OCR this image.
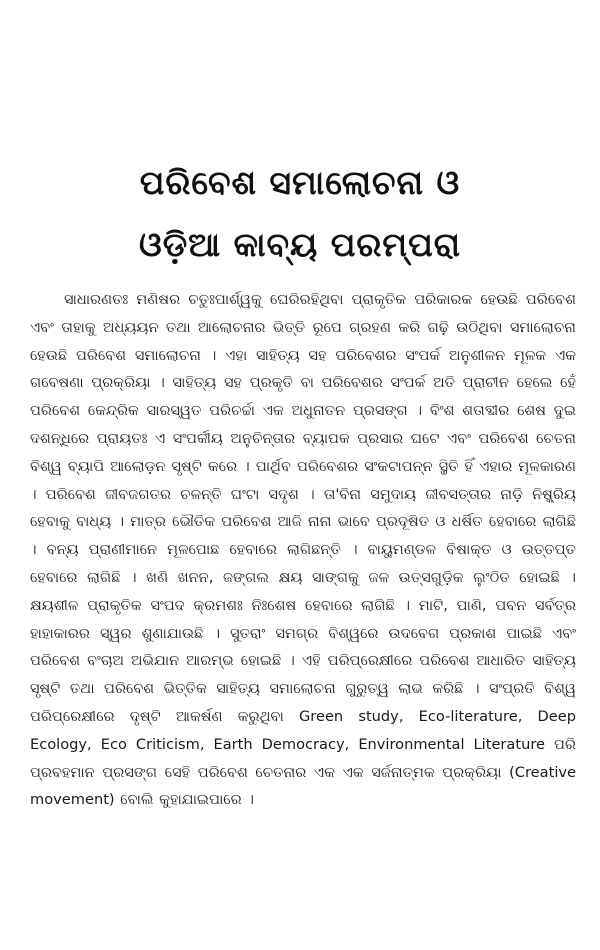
ପରିବେଶ ସମାଲୋଚନା ଓ
ଓଡ଼ିଆ କାବ୍ୟ ପରମ୍ପରା

ସାଧାରଣତଃ ମଣିଷର ଚତୁଃପାର୍ଶ୍ୱକୁ ଘେରିରହିଥିବା ପ୍ରାକୃତିକ ପରିକାରକ ହେଉଛି ପରିବେଶ ଏବଂ ତାହାକୁ ଅଧ୍ୟୟନ ତଥା ଆଲୋଚନାର ଭିତ୍ତି ରୂପେ ଗ୍ରହଣ କରି ଗଢ଼ି ଉଠିଥିବା ସମାଲୋଚନା ହେଉଛି ପରିବେଶ ସମାଲୋଚନା । ଏହା ସାହିତ୍ୟ ସହ ପରିବେଶର ସଂପର୍କ ଅନୁଶୀଳନ ମୂଳକ ଏକ ଗବେଷଣା ପ୍ରକ୍ରିୟା । ସାହିତ୍ୟ ସହ ପ୍ରକୃତି ବା ପରିବେଶର ସଂପର୍କ ଅତି ପ୍ରାଚୀନ ହେଲେ ହେଁ ପରିବେଶ କେନ୍ଦ୍ରିକ ସାରସ୍ୱତ ପରିଚର୍ଚ୍ଚା ଏକ ଅଧୁନାତନ ପ୍ରସଙ୍ଗ । ବିଂଶ ଶତାବ୍ଦୀର ଶେଷ ଦୁଇ ଦଶନ୍ଧିରେ ପ୍ରାୟତଃ ଏ ସଂପର୍କୀୟ ଅନୁଚିନ୍ତାର ବ୍ୟାପକ ପ୍ରସାର ଘଟେ ଏବଂ ପରିବେଶ ଚେତନା ବିଶ୍ୱ ବ୍ୟାପି ଆଲୋଡ଼ନ ସୃଷ୍ଟି କରେ । ପାର୍ଥିବ ପରିବେଶର ସଂକଟାପନ୍ନ ସ୍ଥିତି ହିଁ ଏହାର ମୂଳକାରଣ । ପରିବେଶ ଜୀବଜଗତର ଚଳନ୍ତି ଘଂଟା ସଦୃଶ । ତା'ବିନା ସମୁଦାୟ ଜୀବସତ୍ତାର ନାଡ଼ି ନିଷ୍କ୍ରିୟ ହେବାକୁ ବାଧ୍ୟ । ମାତ୍ର ଭୌତିକ ପରିବେଶ ଆଜି ନାନା ଭାବେ ପ୍ରଦୂଷିତ ଓ ଧର୍ଷିତ ହେବାରେ ଲାଗିଛି । ବନ୍ୟ ପ୍ରାଣୀମାନେ ମୂଳପୋଛ ହେବାରେ ଲାଗିଛନ୍ତି । ବାୟୁମଣ୍ଡଳ ବିଷାକ୍ତ ଓ ଉତ୍ତପ୍ତ ହେବାରେ ଲାଗିଛି । ଖଣି ଖନନ, ଜଙ୍ଗଲ କ୍ଷୟ ସାଙ୍ଗକୁ ଜଳ ଉତ୍ସଗୁଡ଼ିକ ଲୁଂଠିତ ହୋଇଛି । କ୍ଷୟଶୀଳ ପ୍ରାକୃତିକ ସଂପଦ କ୍ରମଶଃ ନିଃଶେଷ ହେବାରେ ଲାଗିଛି । ମାଟି, ପାଣି, ପବନ ସର୍ବତ୍ର ହାହାକାରର ସ୍ୱର ଶୁଣାଯାଉଛି । ସୁତରାଂ ସମଗ୍ର ବିଶ୍ୱରେ ଉଦବେଗ ପ୍ରକାଶ ପାଇଛି ଏବଂ ପରିବେଶ ବଂଚାଅ ଅଭିଯାନ ଆରମ୍ଭ ହୋଇଛି । ଏହି ପରିପ୍ରେକ୍ଷୀରେ ପରିବେଶ ଆଧାରିତ ସାହିତ୍ୟ ସୃଷ୍ଟି ତଥା ପରିବେଶ ଭିତ୍ତିକ ସାହିତ୍ୟ ସମାଲୋଚନା ଗୁରୁତ୍ୱ ଲାଭ କରିଛି । ସଂପ୍ରତି ବିଶ୍ୱ ପରିପ୍ରେକ୍ଷୀରେ ଦୃଷ୍ଟି ଆକର୍ଷଣ କରୁଥିବା Green study, Eco-literature, Deep Ecology, Eco Criticism, Earth Democracy, Environmental Literature ପରି ପ୍ରବହମାନ ପ୍ରସଙ୍ଗ ସେହି ପରିବେଶ ଚେତନାର ଏକ ଏକ ସର୍ଜନାତ୍ମକ ପ୍ରକ୍ରିୟା (Creative movement) ବୋଲି କୁହାଯାଇପାରେ ।
